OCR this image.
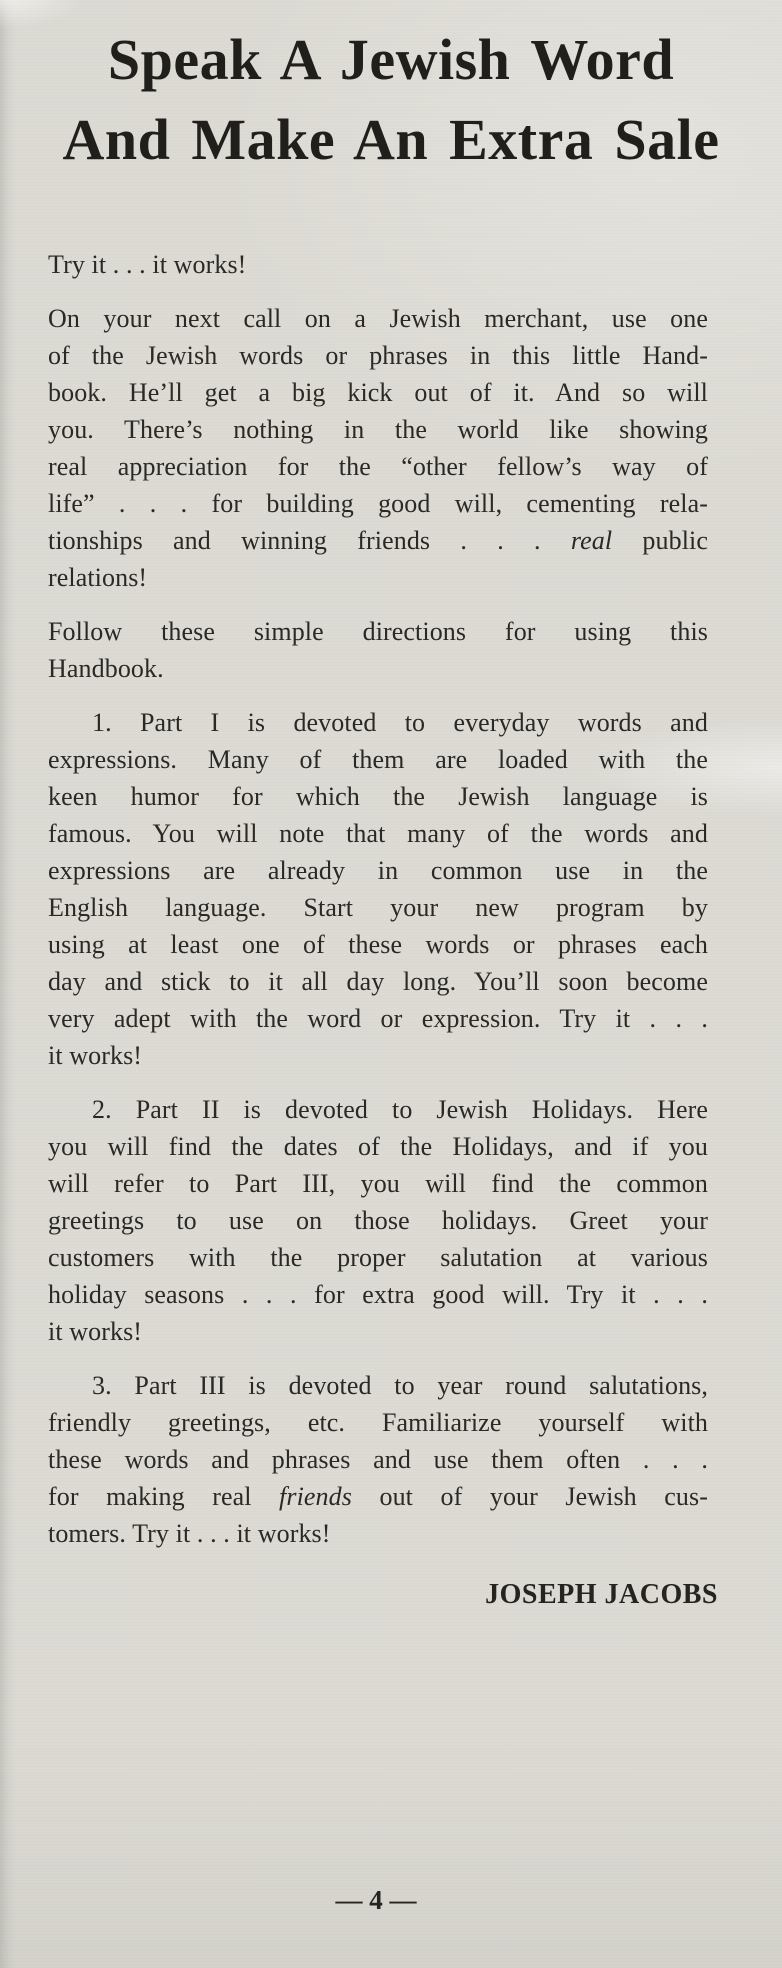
Speak A Jewish Word
And Make An Extra Sale
Try it . . . it works!
On your next call on a Jewish merchant, use one
of the Jewish words or phrases in this little Hand-
book. He’ll get a big kick out of it. And so will
you. There’s nothing in the world like showing
real appreciation for the “other fellow’s way of
life” . . . for building good will, cementing rela-
tionships and winning friends . . . real public
relations!
Follow these simple directions for using this
Handbook.
1. Part I is devoted to everyday words and
expressions. Many of them are loaded with the
keen humor for which the Jewish language is
famous. You will note that many of the words and
expressions are already in common use in the
English language. Start your new program by
using at least one of these words or phrases each
day and stick to it all day long. You’ll soon become
very adept with the word or expression. Try it . . .
it works!
2. Part II is devoted to Jewish Holidays. Here
you will find the dates of the Holidays, and if you
will refer to Part III, you will find the common
greetings to use on those holidays. Greet your
customers with the proper salutation at various
holiday seasons . . . for extra good will. Try it . . .
it works!
3. Part III is devoted to year round salutations,
friendly greetings, etc. Familiarize yourself with
these words and phrases and use them often . . .
for making real friends out of your Jewish cus-
tomers. Try it . . . it works!
JOSEPH JACOBS
— 4 —
